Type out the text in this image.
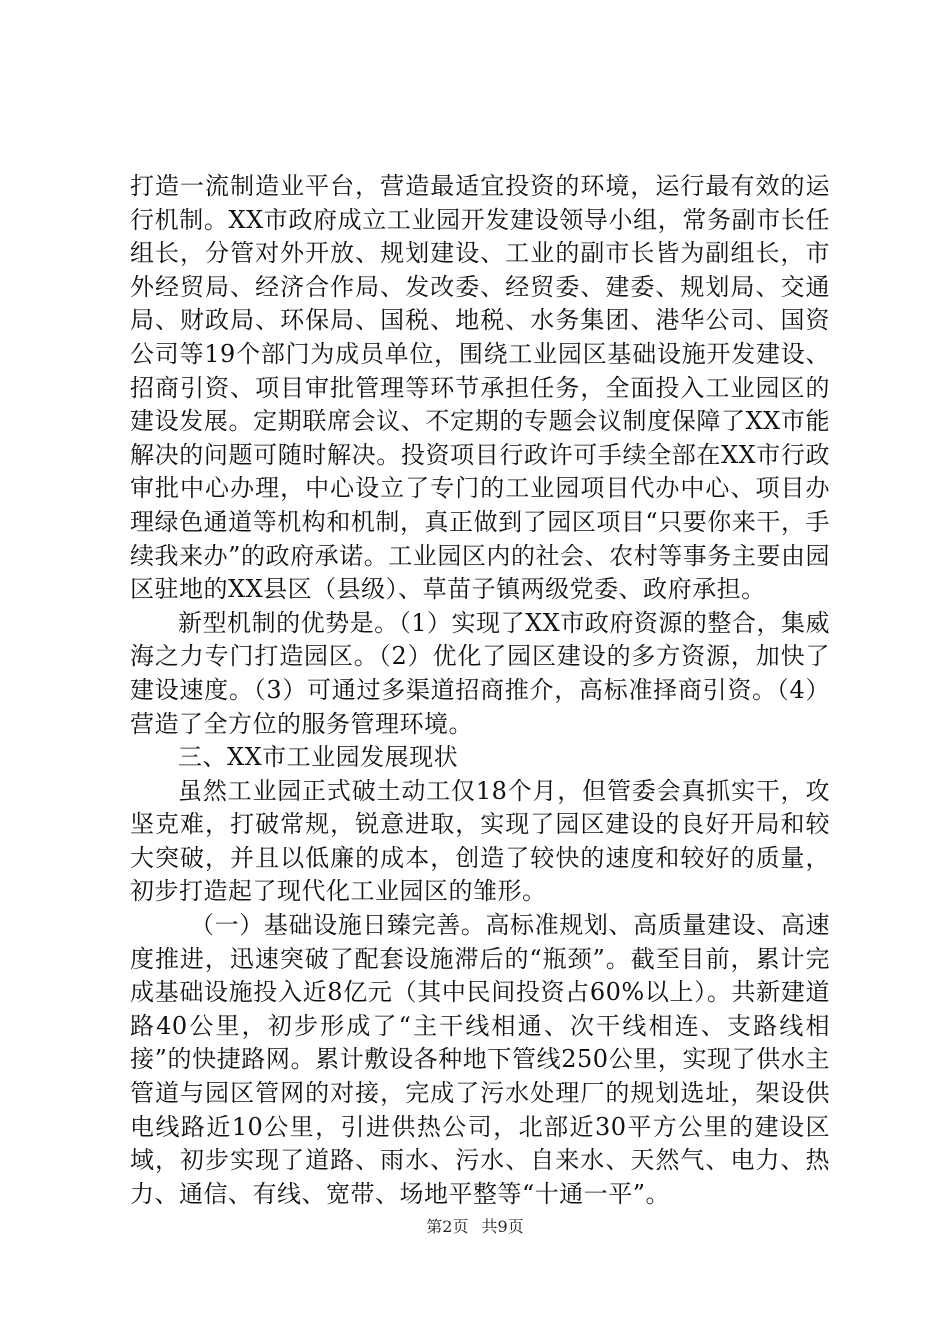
打造一流制造业平台，营造最适宜投资的环境，运行最有效的运行机制。XX市政府成立工业园开发建设领导小组，常务副市长任组长，分管对外开放、规划建设、工业的副市长皆为副组长，市外经贸局、经济合作局、发改委、经贸委、建委、规划局、交通局、财政局、环保局、国税、地税、水务集团、港华公司、国资公司等19个部门为成员单位，围绕工业园区基础设施开发建设、招商引资、项目审批管理等环节承担任务，全面投入工业园区的建设发展。定期联席会议、不定期的专题会议制度保障了XX市能解决的问题可随时解决。投资项目行政许可手续全部在XX市行政审批中心办理，中心设立了专门的工业园项目代办中心、项目办理绿色通道等机构和机制，真正做到了园区项目“只要你来干，手续我来办”的政府承诺。工业园区内的社会、农村等事务主要由园区驻地的XX县区（县级）、草苗子镇两级党委、政府承担。

新型机制的优势是。（1）实现了XX市政府资源的整合，集威海之力专门打造园区。（2）优化了园区建设的多方资源，加快了建设速度。（3）可通过多渠道招商推介，高标准择商引资。（4）营造了全方位的服务管理环境。

三、XX市工业园发展现状

虽然工业园正式破土动工仅18个月，但管委会真抓实干，攻坚克难，打破常规，锐意进取，实现了园区建设的良好开局和较大突破，并且以低廉的成本，创造了较快的速度和较好的质量，初步打造起了现代化工业园区的雏形。

（一）基础设施日臻完善。高标准规划、高质量建设、高速度推进，迅速突破了配套设施滞后的“瓶颈”。截至目前，累计完成基础设施投入近8亿元（其中民间投资占60%以上）。共新建道路40公里，初步形成了“主干线相通、次干线相连、支路线相接”的快捷路网。累计敷设各种地下管线250公里，实现了供水主管道与园区管网的对接，完成了污水处理厂的规划选址，架设供电线路近10公里，引进供热公司，北部近30平方公里的建设区域，初步实现了道路、雨水、污水、自来水、天然气、电力、热力、通信、有线、宽带、场地平整等“十通一平”。

第2页 共9页
